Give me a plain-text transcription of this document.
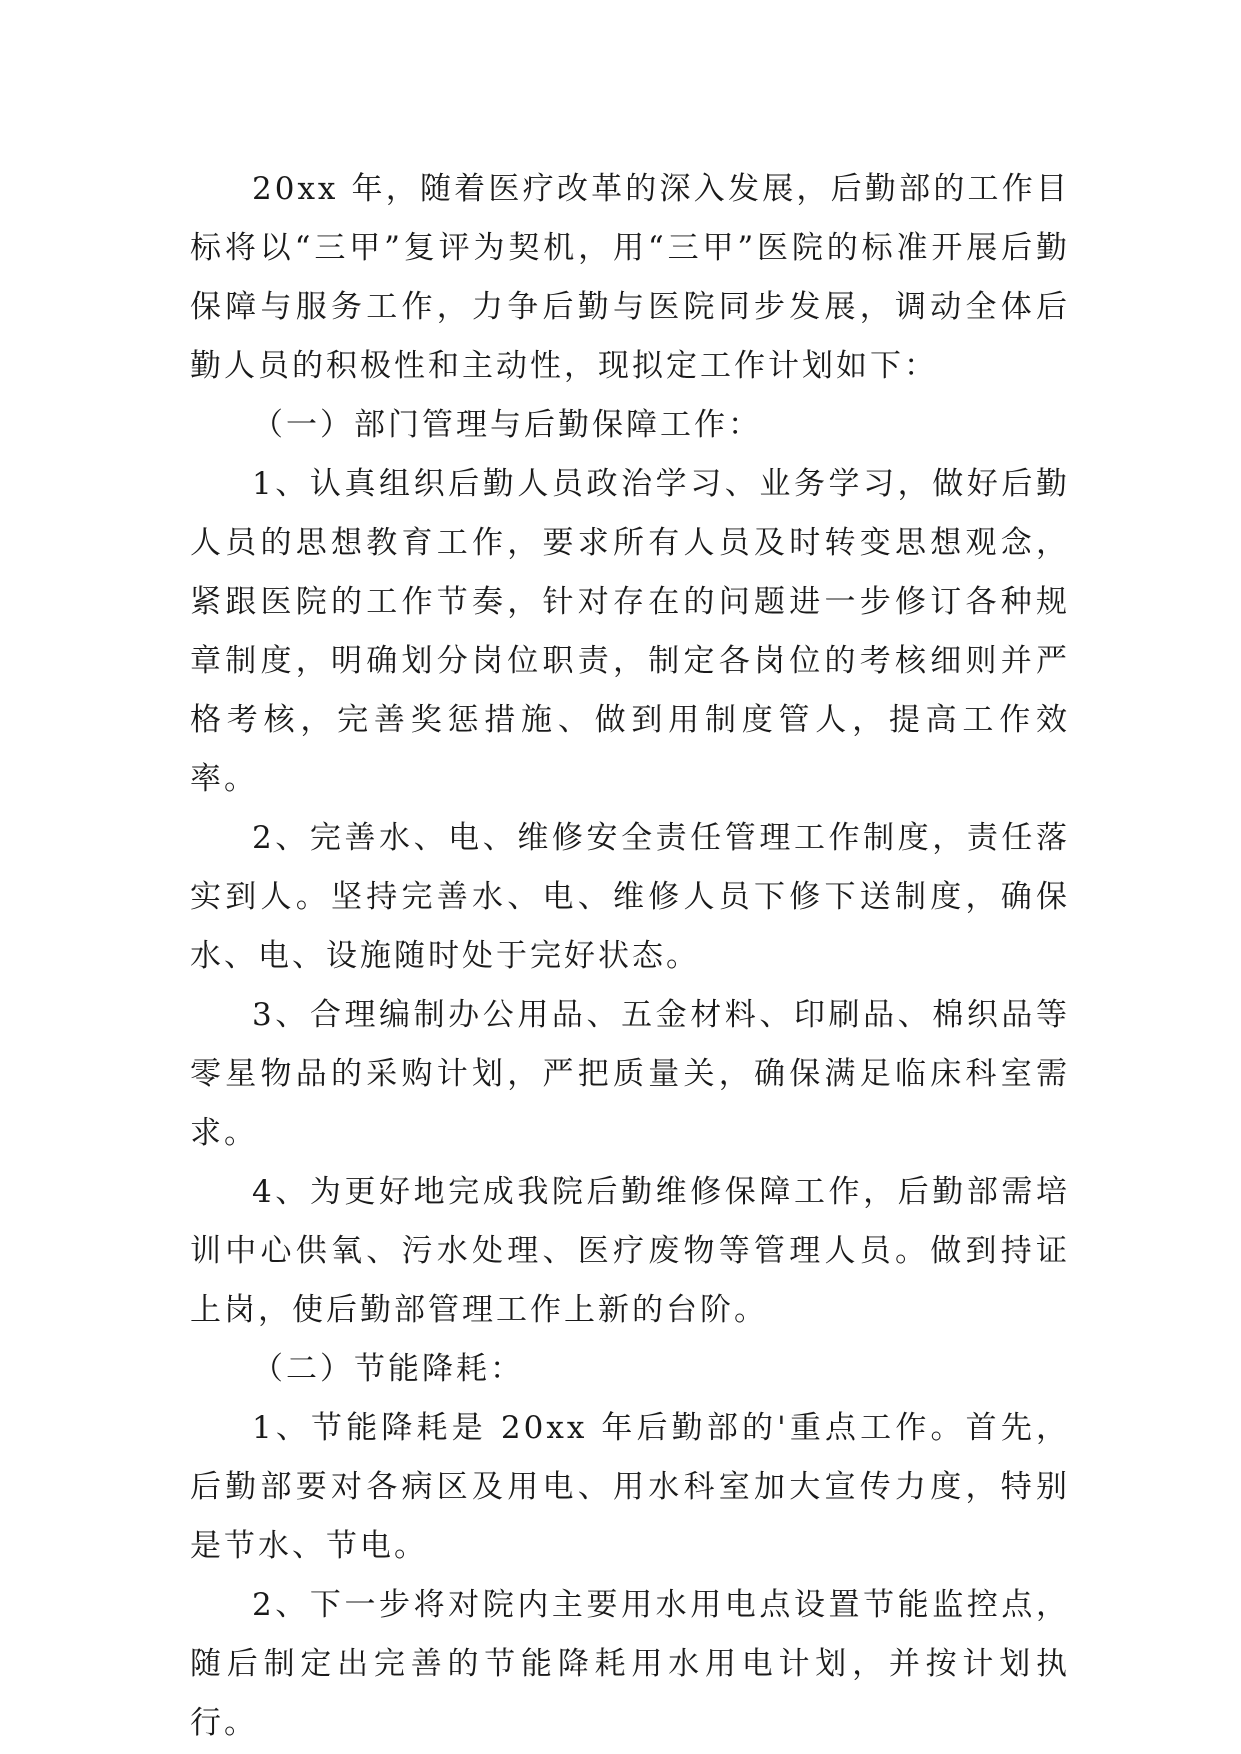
20xx 年，随着医疗改革的深入发展，后勤部的工作目标将以“三甲”复评为契机，用“三甲”医院的标准开展后勤保障与服务工作，力争后勤与医院同步发展，调动全体后勤人员的积极性和主动性，现拟定工作计划如下：

（一）部门管理与后勤保障工作：

1、认真组织后勤人员政治学习、业务学习，做好后勤人员的思想教育工作，要求所有人员及时转变思想观念，紧跟医院的工作节奏，针对存在的问题进一步修订各种规章制度，明确划分岗位职责，制定各岗位的考核细则并严格考核，完善奖惩措施、做到用制度管人，提高工作效率。

2、完善水、电、维修安全责任管理工作制度，责任落实到人。坚持完善水、电、维修人员下修下送制度，确保水、电、设施随时处于完好状态。

3、合理编制办公用品、五金材料、印刷品、棉织品等零星物品的采购计划，严把质量关，确保满足临床科室需求。

4、为更好地完成我院后勤维修保障工作，后勤部需培训中心供氧、污水处理、医疗废物等管理人员。做到持证上岗，使后勤部管理工作上新的台阶。

（二）节能降耗：

1、节能降耗是 20xx 年后勤部的'重点工作。首先，后勤部要对各病区及用电、用水科室加大宣传力度，特别是节水、节电。

2、下一步将对院内主要用水用电点设置节能监控点，随后制定出完善的节能降耗用水用电计划，并按计划执行。
